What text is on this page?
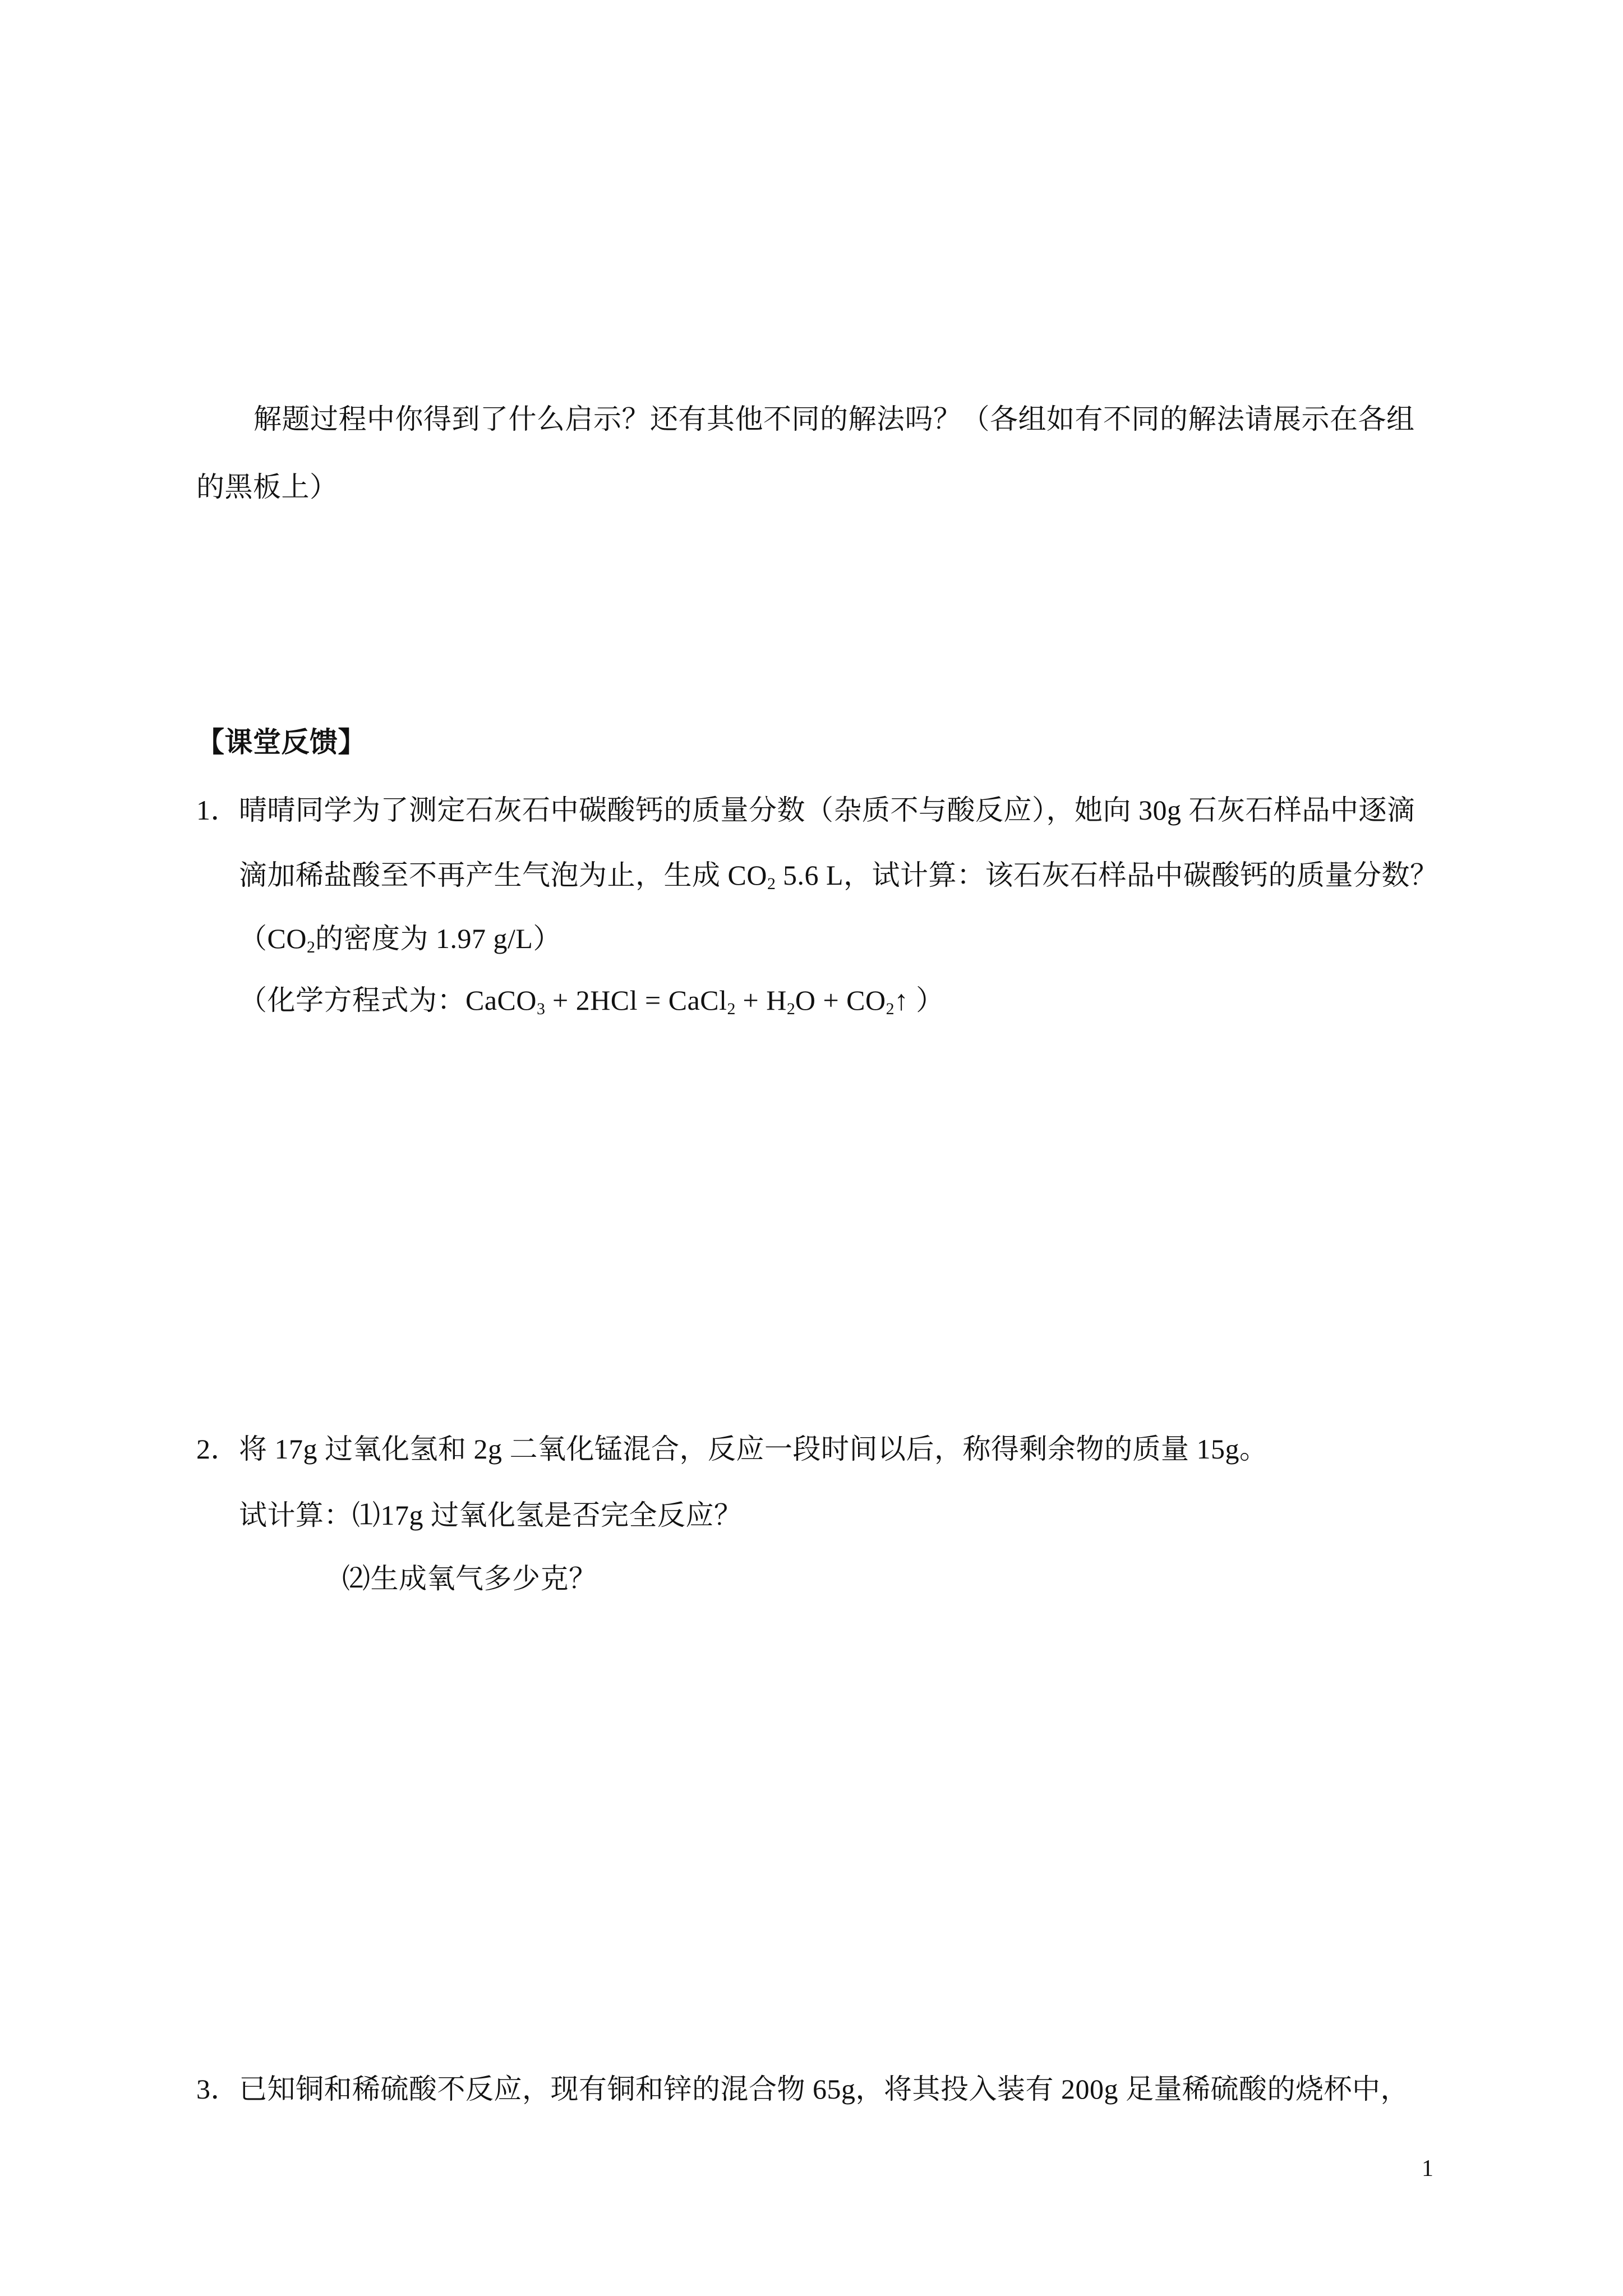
解题过程中你得到了什么启示？还有其他不同的解法吗？（各组如有不同的解法请展示在各组
的黑板上）
【课堂反馈】
1．晴晴同学为了测定石灰石中碳酸钙的质量分数（杂质不与酸反应），她向 30g 石灰石样品中逐滴
滴加稀盐酸至不再产生气泡为止，生成 $CO_2$ 5.6 L，试计算：该石灰石样品中碳酸钙的质量分数？
（$CO_2$的密度为 1.97 g/L）
（化学方程式为：CaCO$_3$ + 2HCl = CaCl$_2$ + $H_2O$ + $CO_2↑$ ）
2．将 17g 过氧化氢和 2g 二氧化锰混合，反应一段时间以后，称得剩余物的质量 15g。
试计算：⑴17g 过氧化氢是否完全反应？
⑵生成氧气多少克？
3．已知铜和稀硫酸不反应，现有铜和锌的混合物 65g，将其投入装有 200g 足量稀硫酸的烧杯中，
1
